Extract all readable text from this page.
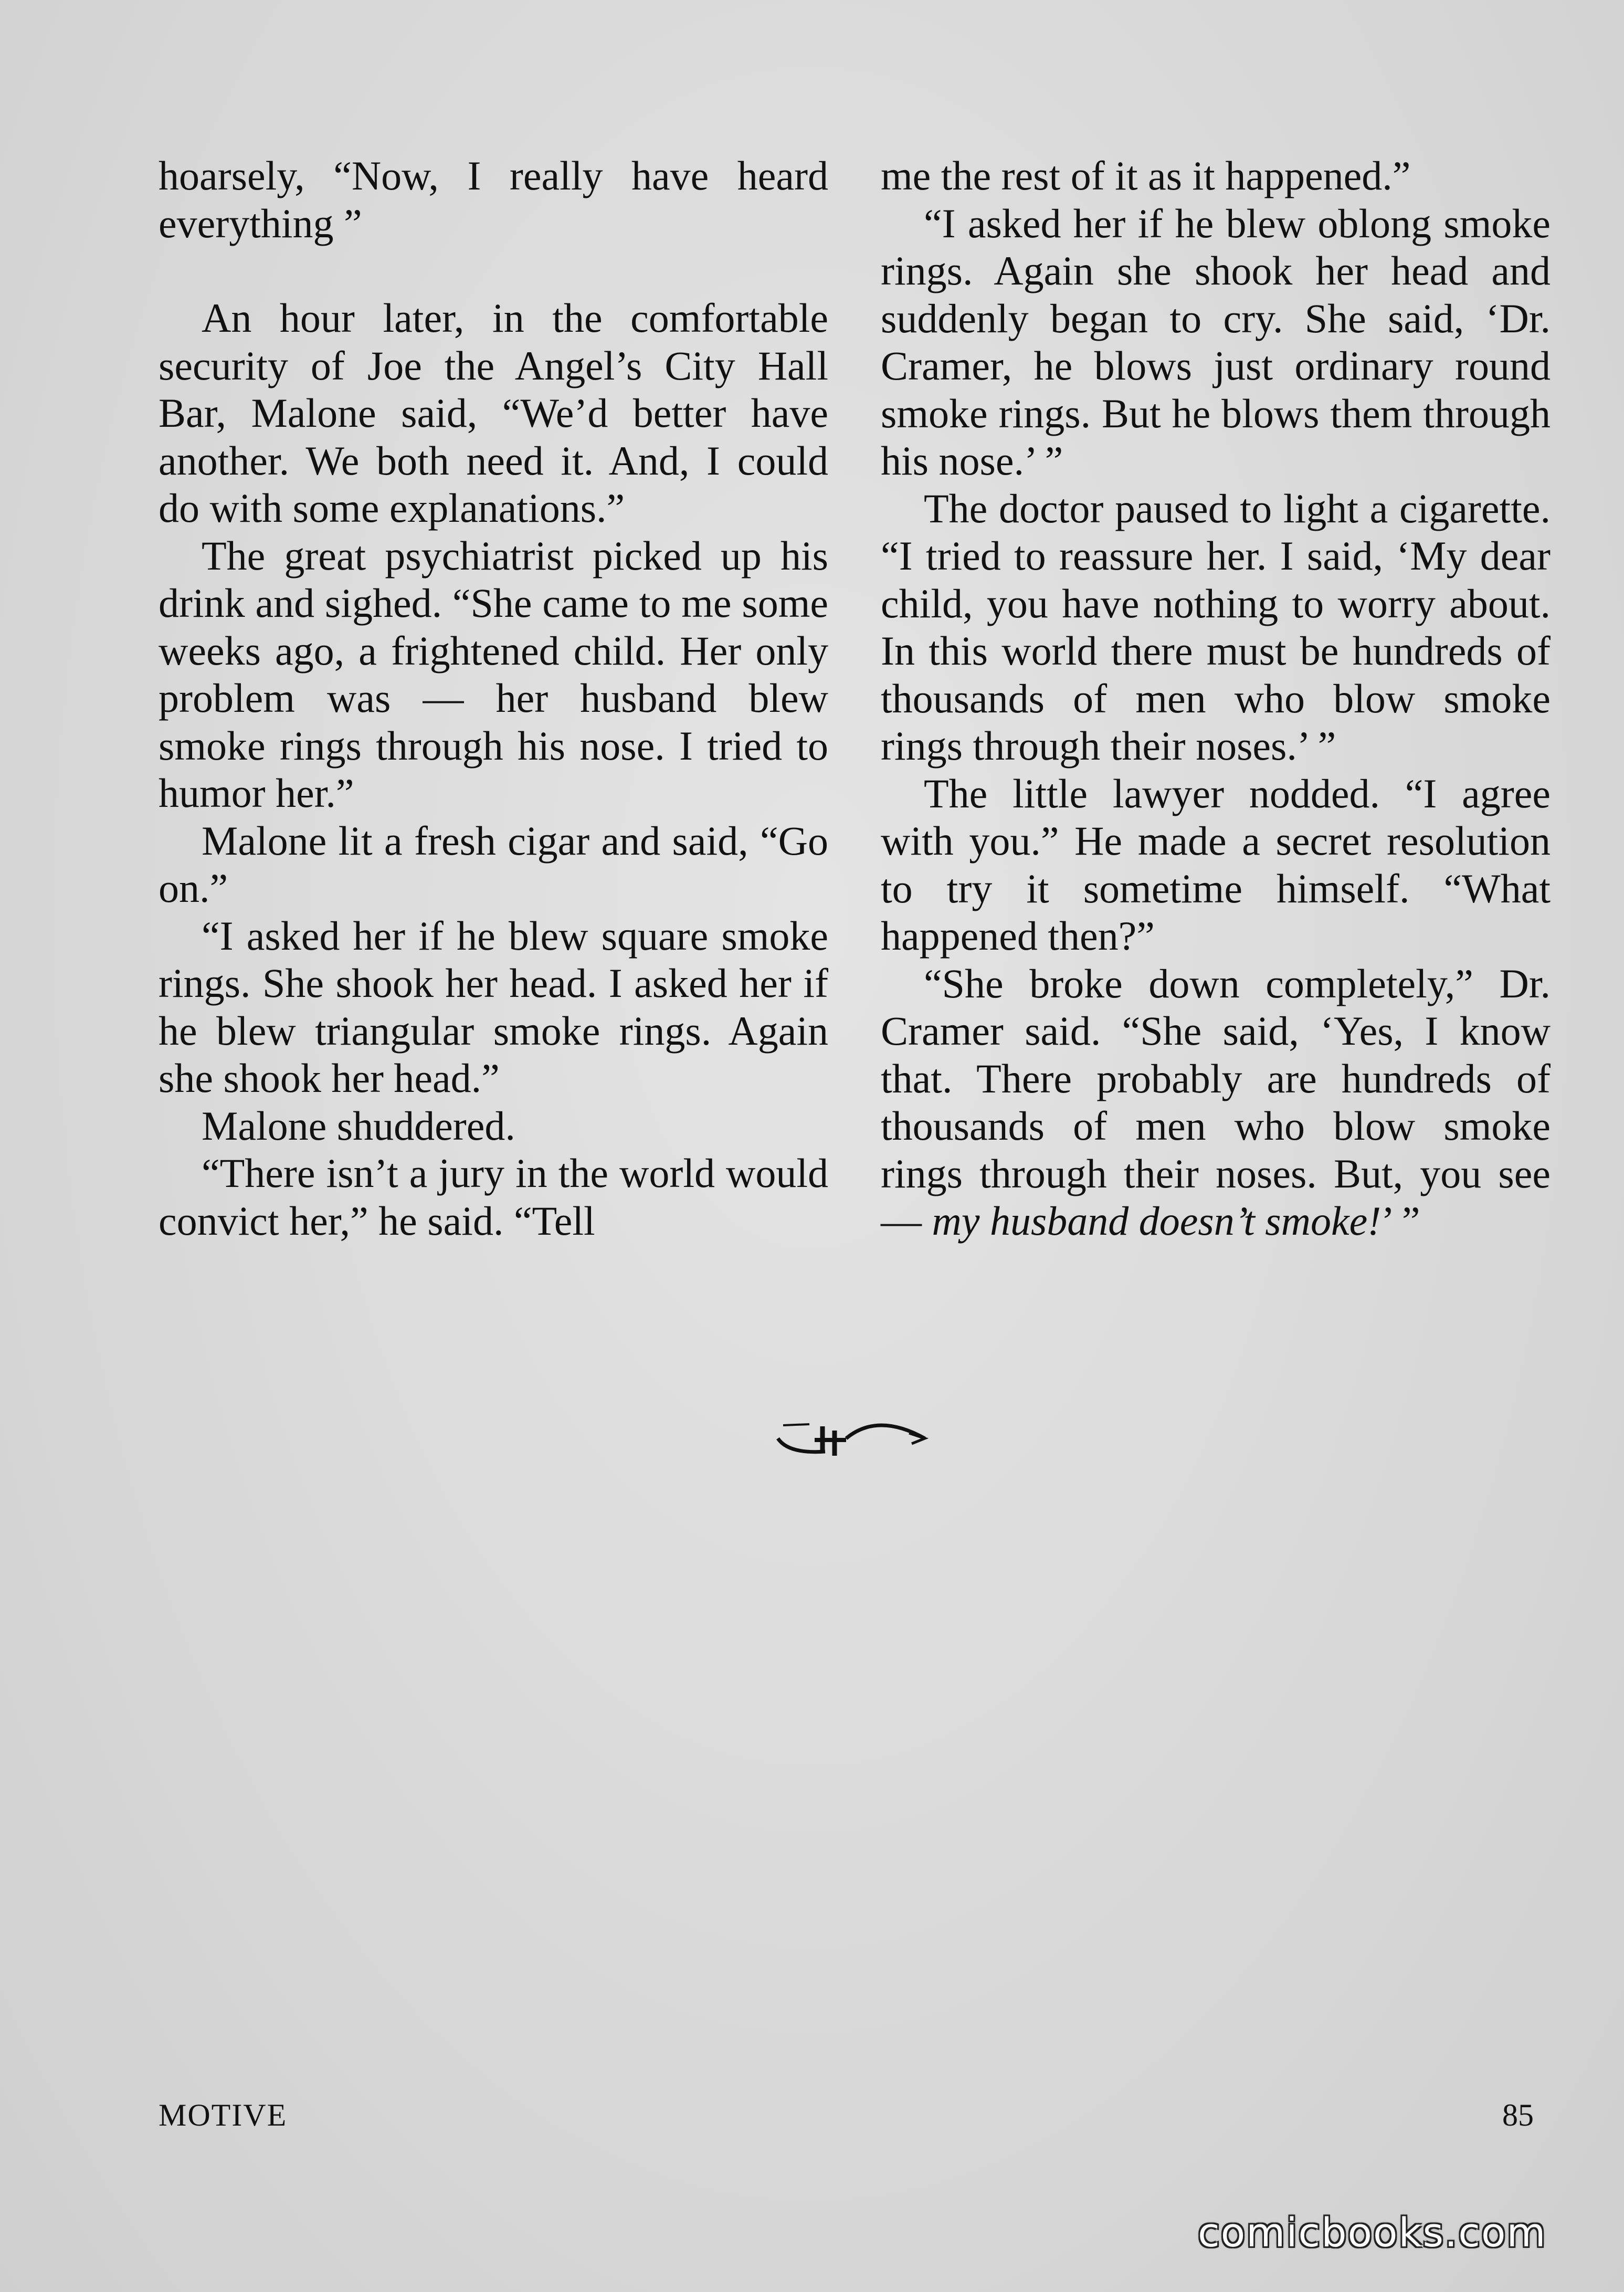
hoarsely, “Now, I really have heard everything ”

An hour later, in the comfortable security of Joe the Angel’s City Hall Bar, Malone said, “We’d better have another. We both need it. And, I could do with some explanations.”

The great psychiatrist picked up his drink and sighed. “She came to me some weeks ago, a frightened child. Her only problem was — her husband blew smoke rings through his nose. I tried to humor her.”

Malone lit a fresh cigar and said, “Go on.”

“I asked her if he blew square smoke rings. She shook her head. I asked her if he blew triangular smoke rings. Again she shook her head.”

Malone shuddered.

“There isn’t a jury in the world would convict her,” he said. “Tell

me the rest of it as it happened.”

“I asked her if he blew oblong smoke rings. Again she shook her head and suddenly began to cry. She said, ‘Dr. Cramer, he blows just ordinary round smoke rings. But he blows them through his nose.’ ”

The doctor paused to light a cigarette. “I tried to reassure her. I said, ‘My dear child, you have nothing to worry about. In this world there must be hundreds of thousands of men who blow smoke rings through their noses.’ ”

The little lawyer nodded. “I agree with you.” He made a secret resolution to try it sometime himself. “What happened then?”

“She broke down completely,” Dr. Cramer said. “She said, ‘Yes, I know that. There probably are hundreds of thousands of men who blow smoke rings through their noses. But, you see — my husband doesn’t smoke!’ ”

MOTIVE	85
comicbooks.com
